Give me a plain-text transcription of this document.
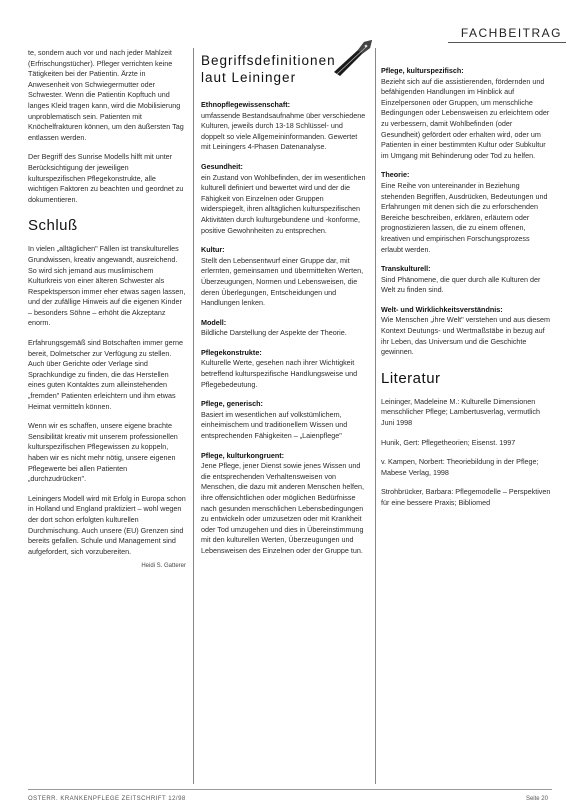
FACHBEITRAG

te, sondern auch vor und nach jeder Mahlzeit (Erfrischungstücher). Pfleger verrichten keine Tätigkeiten bei der Patientin. Ärzte in Anwesenheit von Schwiegermutter oder Schwester. Wenn die Patientin Kopftuch und langes Kleid tragen kann, wird die Mobilisierung unproblematisch sein. Patienten mit Knöchelfrakturen können, um den äußersten Tag entlassen werden.

Der Begriff des Sunrise Modells hilft mit unter Berücksichtigung der jeweiligen kulturspezifischen Pflegekonstrukte, alle wichtigen Faktoren zu beachten und geordnet zu dokumentieren.

Schluß

In vielen „alltäglichen" Fällen ist transkulturelles Grundwissen, kreativ angewandt, ausreichend. So wird sich jemand aus muslimischem Kulturkreis von einer älteren Schwester als Respektsperson immer eher etwas sagen lassen, und der zufällige Hinweis auf die eigenen Kinder – besonders Söhne – erhöht die Akzeptanz enorm.

Erfahrungsgemäß sind Botschaften immer gerne bereit, Dolmetscher zur Verfügung zu stellen. Auch über Gerichte oder Verlage sind Sprachkundige zu finden, die das Herstellen eines guten Kontaktes zum alleinstehenden „fremden" Patienten erleichtern und ihm etwas Heimat vermitteln können.

Wenn wir es schaffen, unsere eigene brachte Sensibilität kreativ mit unserem professionellen kulturspezifischen Pflegewissen zu koppeln, haben wir es nicht mehr nötig, unsere eigenen Pflegewerte bei allen Patienten „durchzudrücken".

Leiningers Modell wird mit Erfolg in Europa schon in Holland und England praktiziert – wohl wegen der dort schon erfolgten kulturellen Durchmischung. Auch unsere (EU) Grenzen sind bereits gefallen. Schule und Management sind aufgefordert, sich vorzubereiten.

Heidi S. Gatterer
Begriffsdefinitionen laut Leininger
Ethnopflegewissenschaft:
umfassende Bestandsaufnahme über verschiedene Kulturen, jeweils durch 13-18 Schlüssel- und doppelt so viele Allgemeininformanden. Gewertet mit Leiningers 4-Phasen Datenanalyse.
Gesundheit:
ein Zustand von Wohlbefinden, der im wesentlichen kulturell definiert und bewertet wird und der die Fähigkeit von Einzelnen oder Gruppen widerspiegelt, ihren alltäglichen kulturspezifischen Aktivitäten durch kulturgebundene und -konforme, positive Gewohnheiten zu entsprechen.
Kultur:
Stellt den Lebensentwurf einer Gruppe dar, mit erlernten, gemeinsamen und übermittelten Werten, Überzeugungen, Normen und Lebensweisen, die deren Überlegungen, Entscheidungen und Handlungen lenken.
Modell:
Bildliche Darstellung der Aspekte der Theorie.
Pflegekonstrukte:
Kulturelle Werte, gesehen nach ihrer Wichtigkeit betreffend kulturspezifische Handlungsweise und Pflegebedeutung.
Pflege, generisch:
Basiert im wesentlichen auf volkstümlichem, einheimischem und traditionellem Wissen und entsprechenden Fähigkeiten – „Laienpflege"
Pflege, kulturkongruent:
Jene Pflege, jener Dienst sowie jenes Wissen und die entsprechenden Verhaltensweisen von Menschen, die dazu mit anderen Menschen helfen, ihre offensichtlichen oder möglichen Bedürfnisse nach gesunden menschlichen Lebensbedingungen zu entwickeln oder umzusetzen oder mit Krankheit oder Tod umzugehen und dies in Übereinstimmung mit den kulturellen Werten, Überzeugungen und Lebensweisen des Einzelnen oder der Gruppe tun.
Pflege, kulturspezifisch:
Bezieht sich auf die assistierenden, fördernden und befähigenden Handlungen im Hinblick auf Einzelpersonen oder Gruppen, um menschliche Bedingungen oder Lebensweisen zu erleichtern oder zu verbessern, damit Wohlbefinden (oder Gesundheit) gefördert oder erhalten wird, oder um Patienten in einer bestimmten Kultur oder Subkultur im Umgang mit Behinderung oder Tod zu helfen.
Theorie:
Eine Reihe von untereinander in Beziehung stehenden Begriffen, Ausdrücken, Bedeutungen und Erfahrungen mit denen sich die zu erforschenden Bereiche beschreiben, erklären, erläutern oder prognostizieren lassen, die zu einem offenen, kreativen und empirischen Forschungsprozess erlaubt werden.
Transkulturell:
Sind Phänomene, die quer durch alle Kulturen der Welt zu finden sind.
Welt- und Wirklichkeitsverständnis:
Wie Menschen „ihre Welt" verstehen und aus diesem Kontext Deutungs- und Wertmaßstäbe in bezug auf ihr Leben, das Universum und die Geschichte gewinnen.
Literatur
Leininger, Madeleine M.: Kulturelle Dimensionen menschlicher Pflege; Lambertusverlag, vermutlich Juni 1998
Hunik, Gert: Pflegetheorien; Eisenst. 1997
v. Kampen, Norbert: Theoriebildung in der Pflege; Mabese Verlag, 1998
Strohbrücker, Barbara: Pflegemodelle – Perspektiven für eine bessere Praxis; Bibliomed
OSTERR. KRANKENPFLEGE ZEITSCHRIFT 12/98	Seite 20
